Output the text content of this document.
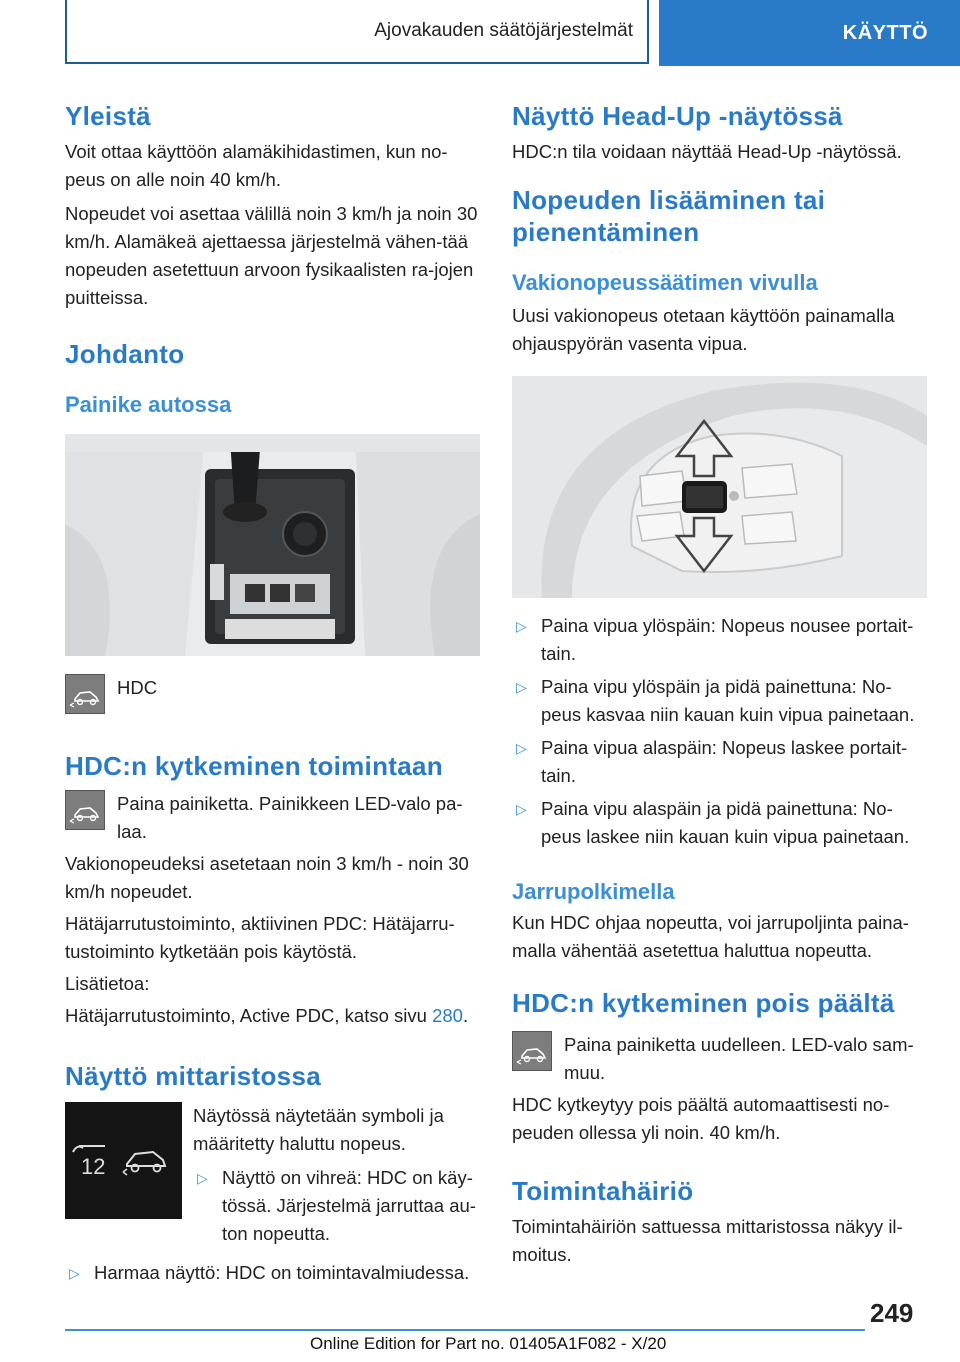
Ajovakauden säätöjärjestelmät	KÄYTTÖ
Yleistä

Voit ottaa käyttöön alamäkihidastimen, kun no-peus on alle noin 40 km/h.

Nopeudet voi asettaa välillä noin 3 km/h ja noin 30 km/h. Alamäkeä ajettaessa järjestelmä vähen-tää nopeuden asetettuun arvoon fysikaalisten ra-jojen puitteissa.

Johdanto
Painike autossa

HDC

HDC:n kytkeminen toimintaan

Paina painiketta. Painikkeen LED-valo pa-laa.

Vakionopeudeksi asetetaan noin 3 km/h - noin 30 km/h nopeudet.

Hätäjarrutustoiminto, aktiivinen PDC: Hätäjarru-tustoiminto kytketään pois käytöstä.

Lisätietoa:

Hätäjarrutustoiminto, Active PDC, katso sivu 280.

Näyttö mittaristossa
12

Näytössä näytetään symboli ja määritetty haluttu nopeus.

▷ Näyttö on vihreä: HDC on käy-tössä. Järjestelmä jarruttaa au-ton nopeutta.
▷ Harmaa näyttö: HDC on toimintavalmiudessa.
Näyttö Head-Up -näytössä

HDC:n tila voidaan näyttää Head-Up -näytössä.

Nopeuden lisääminen tai pienentäminen
Vakionopeussäätimen vivulla

Uusi vakionopeus otetaan käyttöön painamalla ohjauspyörän vasenta vipua.

▷ Paina vipua ylöspäin: Nopeus nousee portait-tain.
▷ Paina vipu ylöspäin ja pidä painettuna: No-peus kasvaa niin kauan kuin vipua painetaan.
▷ Paina vipua alaspäin: Nopeus laskee portait-tain.
▷ Paina vipu alaspäin ja pidä painettuna: No-peus laskee niin kauan kuin vipua painetaan.
Jarrupolkimella

Kun HDC ohjaa nopeutta, voi jarrupoljinta paina-malla vähentää asetettua haluttua nopeutta.

HDC:n kytkeminen pois päältä

Paina painiketta uudelleen. LED-valo sam-muu.

HDC kytkeytyy pois päältä automaattisesti no-peuden ollessa yli noin. 40 km/h.

Toimintahäiriö

Toimintahäiriön sattuessa mittaristossa näkyy il-moitus.

249
Online Edition for Part no. 01405A1F082 - X/20
